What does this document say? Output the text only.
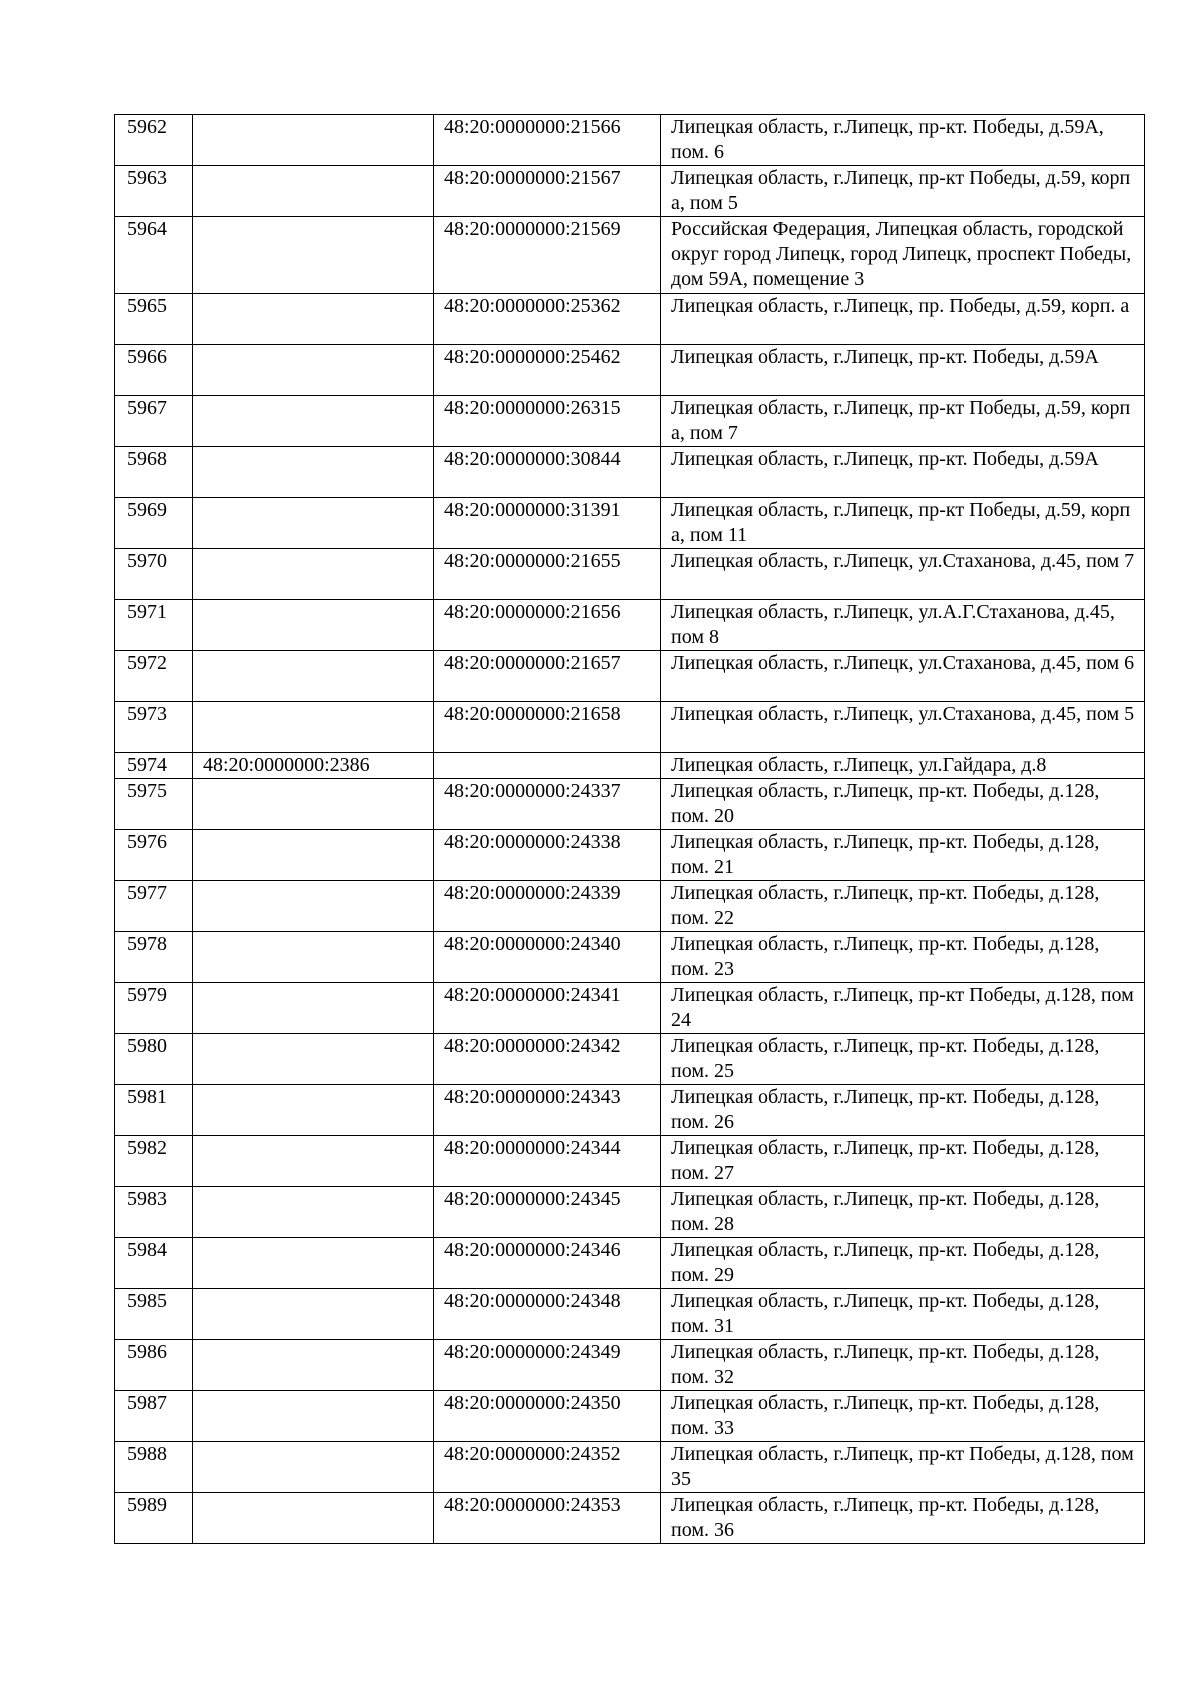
5962		48:20:0000000:21566	Липецкая область, г.Липецк, пр-кт. Победы, д.59А, пом. 6
5963		48:20:0000000:21567	Липецкая область, г.Липецк, пр-кт Победы, д.59, корп а, пом 5
5964		48:20:0000000:21569	Российская Федерация, Липецкая область, городской округ город Липецк, город Липецк, проспект Победы, дом 59А, помещение 3
5965		48:20:0000000:25362	Липецкая область, г.Липецк, пр. Победы, д.59, корп. а
5966		48:20:0000000:25462	Липецкая область, г.Липецк, пр-кт. Победы, д.59А
5967		48:20:0000000:26315	Липецкая область, г.Липецк, пр-кт Победы, д.59, корп а, пом 7
5968		48:20:0000000:30844	Липецкая область, г.Липецк, пр-кт. Победы, д.59А
5969		48:20:0000000:31391	Липецкая область, г.Липецк, пр-кт Победы, д.59, корп а, пом 11
5970		48:20:0000000:21655	Липецкая область, г.Липецк, ул.Стаханова, д.45, пом 7
5971		48:20:0000000:21656	Липецкая область, г.Липецк, ул.А.Г.Стаханова, д.45, пом 8
5972		48:20:0000000:21657	Липецкая область, г.Липецк, ул.Стаханова, д.45, пом 6
5973		48:20:0000000:21658	Липецкая область, г.Липецк, ул.Стаханова, д.45, пом 5
5974	48:20:0000000:2386		Липецкая область, г.Липецк, ул.Гайдара, д.8
5975		48:20:0000000:24337	Липецкая область, г.Липецк, пр-кт. Победы, д.128, пом. 20
5976		48:20:0000000:24338	Липецкая область, г.Липецк, пр-кт. Победы, д.128, пом. 21
5977		48:20:0000000:24339	Липецкая область, г.Липецк, пр-кт. Победы, д.128, пом. 22
5978		48:20:0000000:24340	Липецкая область, г.Липецк, пр-кт. Победы, д.128, пом. 23
5979		48:20:0000000:24341	Липецкая область, г.Липецк, пр-кт Победы, д.128, пом 24
5980		48:20:0000000:24342	Липецкая область, г.Липецк, пр-кт. Победы, д.128, пом. 25
5981		48:20:0000000:24343	Липецкая область, г.Липецк, пр-кт. Победы, д.128, пом. 26
5982		48:20:0000000:24344	Липецкая область, г.Липецк, пр-кт. Победы, д.128, пом. 27
5983		48:20:0000000:24345	Липецкая область, г.Липецк, пр-кт. Победы, д.128, пом. 28
5984		48:20:0000000:24346	Липецкая область, г.Липецк, пр-кт. Победы, д.128, пом. 29
5985		48:20:0000000:24348	Липецкая область, г.Липецк, пр-кт. Победы, д.128, пом. 31
5986		48:20:0000000:24349	Липецкая область, г.Липецк, пр-кт. Победы, д.128, пом. 32
5987		48:20:0000000:24350	Липецкая область, г.Липецк, пр-кт. Победы, д.128, пом. 33
5988		48:20:0000000:24352	Липецкая область, г.Липецк, пр-кт Победы, д.128, пом 35
5989		48:20:0000000:24353	Липецкая область, г.Липецк, пр-кт. Победы, д.128, пом. 36
